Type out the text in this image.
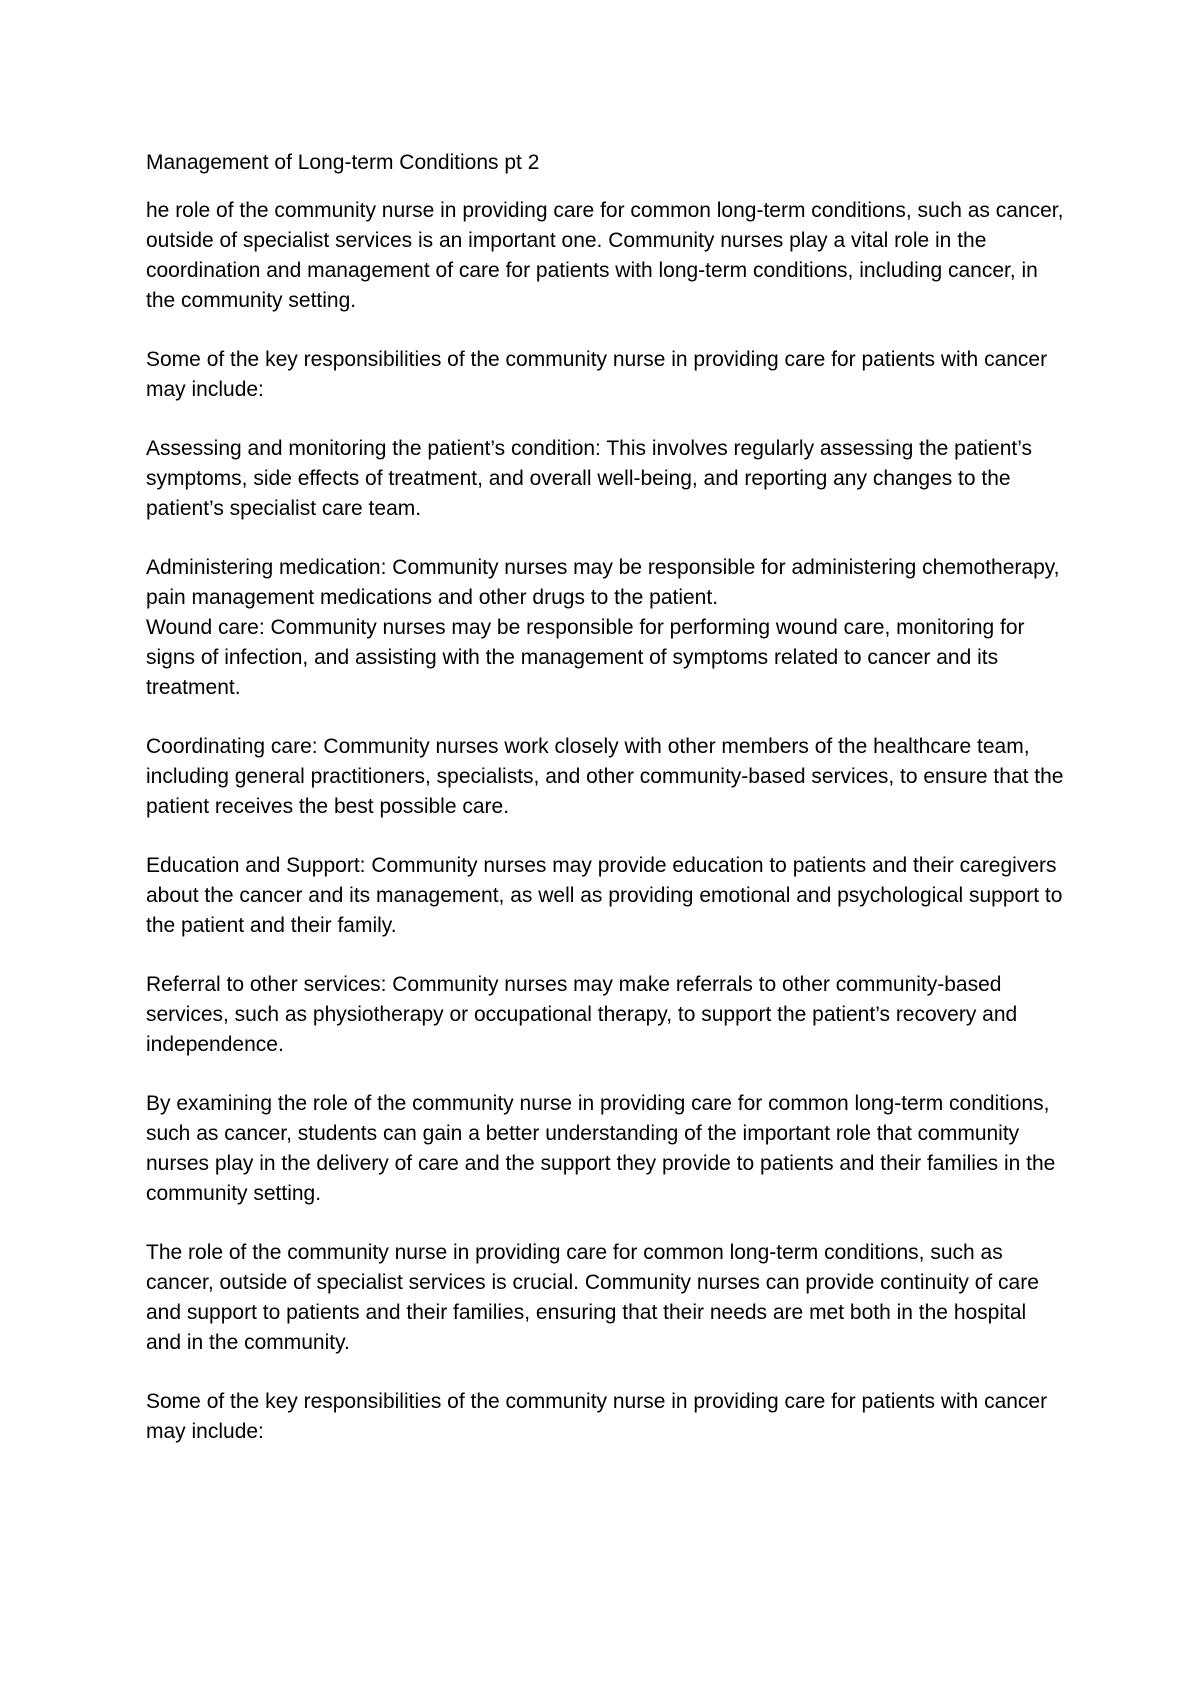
Management of Long-term Conditions pt 2

he role of the community nurse in providing care for common long-term conditions, such as cancer, outside of specialist services is an important one. Community nurses play a vital role in the coordination and management of care for patients with long-term conditions, including cancer, in the community setting.

Some of the key responsibilities of the community nurse in providing care for patients with cancer may include:

Assessing and monitoring the patient’s condition: This involves regularly assessing the patient’s symptoms, side effects of treatment, and overall well-being, and reporting any changes to the patient’s specialist care team.

Administering medication: Community nurses may be responsible for administering chemotherapy, pain management medications and other drugs to the patient.

Wound care: Community nurses may be responsible for performing wound care, monitoring for signs of infection, and assisting with the management of symptoms related to cancer and its treatment.

Coordinating care: Community nurses work closely with other members of the healthcare team, including general practitioners, specialists, and other community-based services, to ensure that the patient receives the best possible care.

Education and Support: Community nurses may provide education to patients and their caregivers about the cancer and its management, as well as providing emotional and psychological support to the patient and their family.

Referral to other services: Community nurses may make referrals to other community-based services, such as physiotherapy or occupational therapy, to support the patient’s recovery and independence.

By examining the role of the community nurse in providing care for common long-term conditions, such as cancer, students can gain a better understanding of the important role that community nurses play in the delivery of care and the support they provide to patients and their families in the community setting.

The role of the community nurse in providing care for common long-term conditions, such as cancer, outside of specialist services is crucial. Community nurses can provide continuity of care and support to patients and their families, ensuring that their needs are met both in the hospital and in the community.

Some of the key responsibilities of the community nurse in providing care for patients with cancer may include:
